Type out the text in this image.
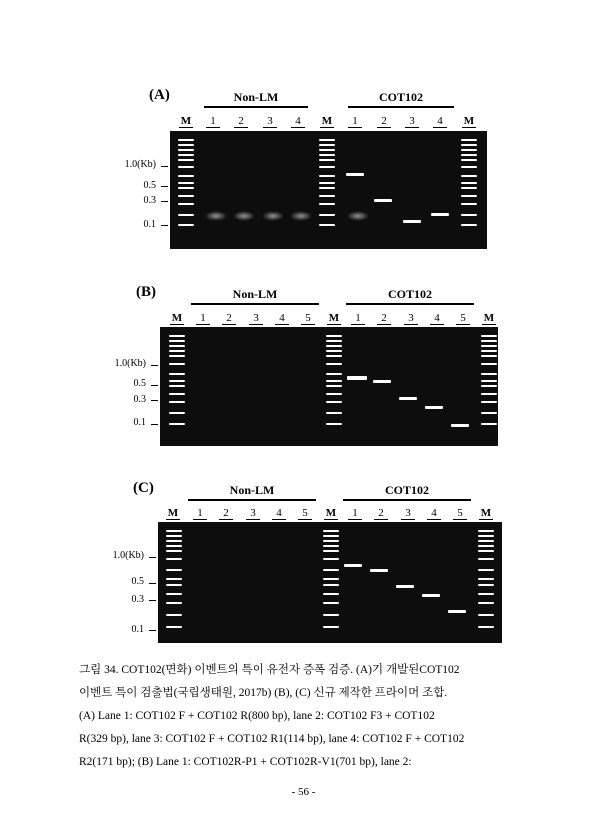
(A)	Non-LM	COT102
M	1	2	3	4	M	1	2	3	4	M
1.0(Kb)
0.5
0.3
0.1
(B)	Non-LM	COT102
M	1	2	3	4	5	M	1	2	3	4	5	M
1.0(Kb)
0.5
0.3
0.1
(C)	Non-LM	COT102
M	1	2	3	4	5	M	1	2	3	4	5	M
1.0(Kb)
0.5
0.3
0.1

그림 34. COT102(면화) 이벤트의 특이 유전자 증폭 검증. (A)기 개발된COT102

이벤트 특이 검출법(국립생태원, 2017b) (B), (C) 신규 제작한 프라이머 조합.

(A) Lane 1: COT102 F + COT102 R(800 bp), lane 2: COT102 F3 + COT102

R(329 bp), lane 3: COT102 F + COT102 R1(114 bp), lane 4: COT102 F + COT102

R2(171 bp); (B) Lane 1: COT102R-P1 + COT102R-V1(701 bp), lane 2:

- 56 -
